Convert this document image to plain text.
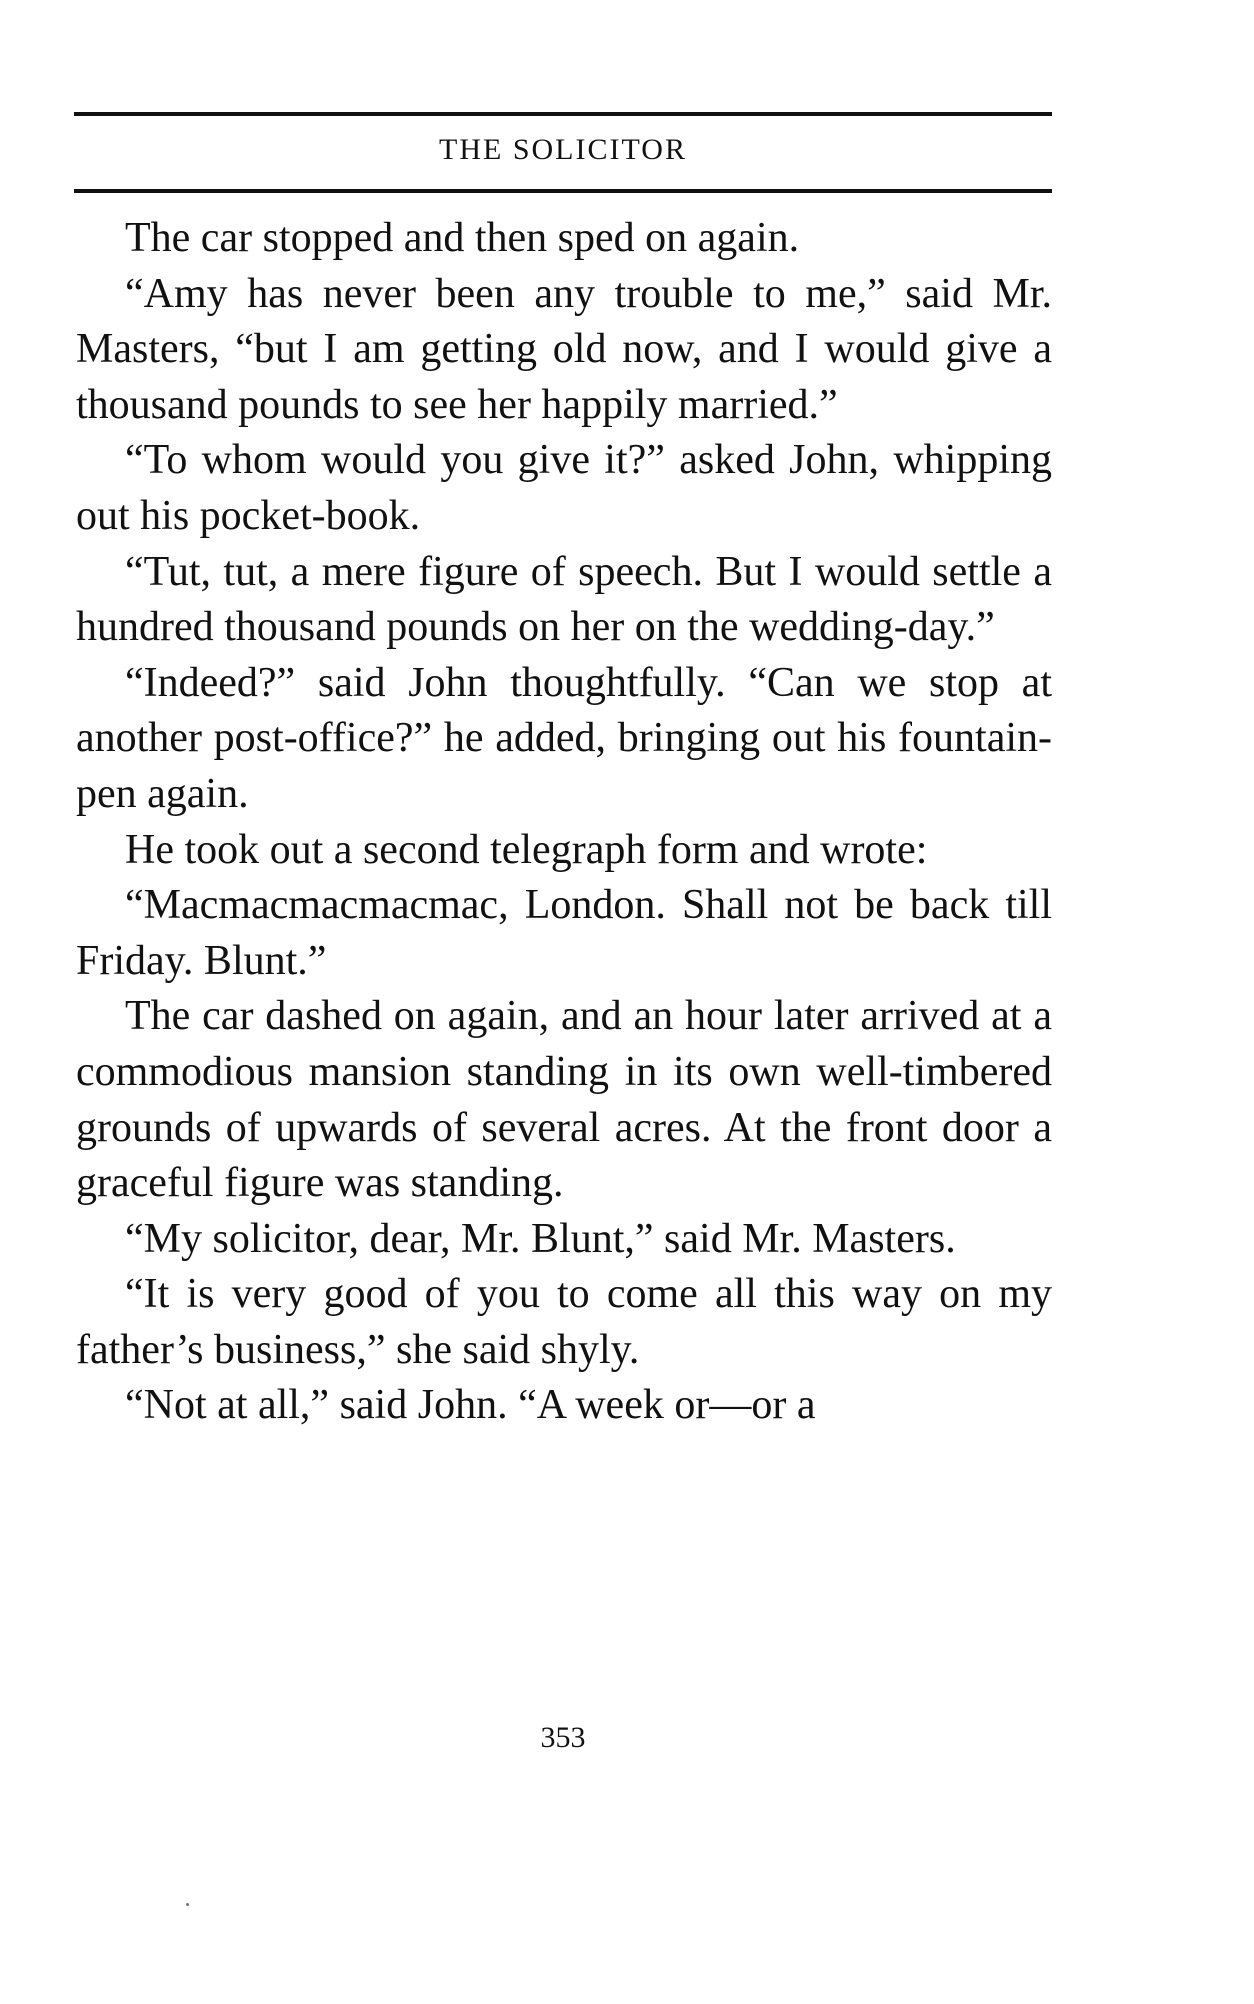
THE SOLICITOR

The car stopped and then sped on again.

“Amy has never been any trouble to me,” said Mr. Masters, “but I am getting old now, and I would give a thousand pounds to see her happily married.”

“To whom would you give it?” asked John, whipping out his pocket-book.

“Tut, tut, a mere figure of speech. But I would settle a hundred thousand pounds on her on the wedding-day.”

“Indeed?” said John thoughtfully. “Can we stop at another post-office?” he added, bringing out his fountain-pen again.

He took out a second telegraph form and wrote:

“Macmacmacmacmac, London. Shall not be back till Friday. Blunt.”

The car dashed on again, and an hour later arrived at a commodious mansion standing in its own well-timbered grounds of upwards of several acres. At the front door a graceful figure was standing.

“My solicitor, dear, Mr. Blunt,” said Mr. Masters.

“It is very good of you to come all this way on my father’s business,” she said shyly.

“Not at all,” said John. “A week or—or a

353
